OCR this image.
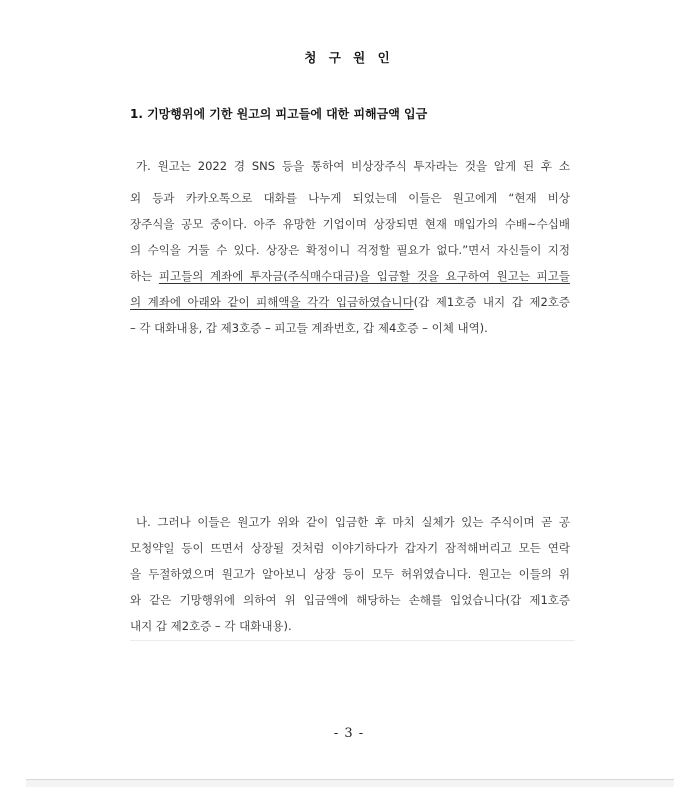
청 구 원 인
1. 기망행위에 기한 원고의 피고들에 대한 피해금액 입금
가. 원고는 2022 경 SNS 등을 통하여 비상장주식 투자라는 것을 알게 된 후 소
외 등과 카카오톡으로 대화를 나누게 되었는데 이들은 원고에게 “현재 비상
장주식을 공모 중이다. 아주 유망한 기업이며 상장되면 현재 매입가의 수배~수십배
의 수익을 거둘 수 있다. 상장은 확정이니 걱정할 필요가 없다.”면서 자신들이 지정
하는 피고들의 계좌에 투자금(주식매수대금)을 입금할 것을 요구하여 원고는 피고들
의 계좌에 아래와 같이 피해액을 각각 입금하였습니다(갑 제1호증 내지 갑 제2호증
– 각 대화내용, 갑 제3호증 – 피고들 계좌번호, 갑 제4호증 – 이체 내역).
나. 그러나 이들은 원고가 위와 같이 입금한 후 마치 실체가 있는 주식이며 곧 공
모청약일 등이 뜨면서 상장될 것처럼 이야기하다가 갑자기 잠적해버리고 모든 연락
을 두절하였으며 원고가 알아보니 상장 등이 모두 허위였습니다. 원고는 이들의 위
와 같은 기망행위에 의하여 위 입금액에 해당하는 손해를 입었습니다(갑 제1호증
내지 갑 제2호증 – 각 대화내용).
- 3 -
